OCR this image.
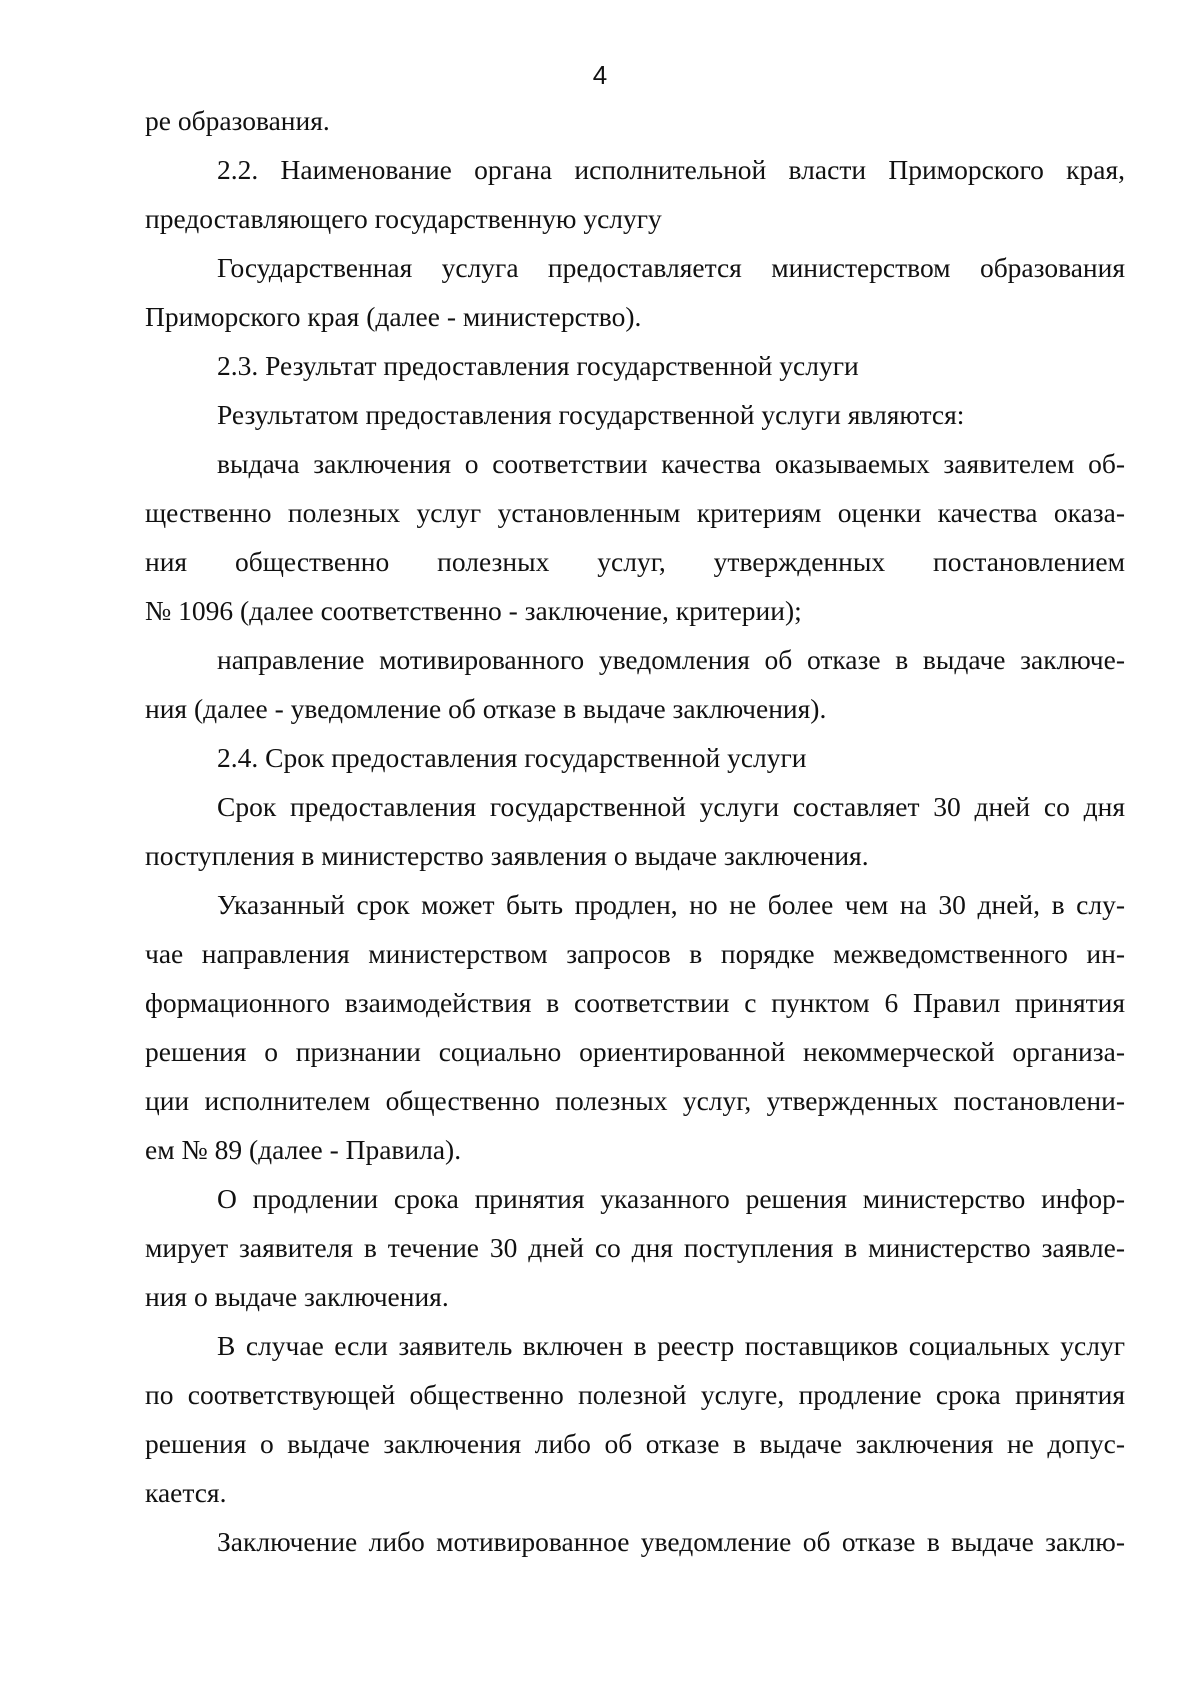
4
ре образования.
2.2. Наименование органа исполнительной власти Приморского края,
предоставляющего государственную услугу
Государственная услуга предоставляется министерством образования
Приморского края (далее - министерство).
2.3. Результат предоставления государственной услуги
Результатом предоставления государственной услуги являются:
выдача заключения о соответствии качества оказываемых заявителем об-
щественно полезных услуг установленным критериям оценки качества оказа-
ния общественно полезных услуг, утвержденных постановлением
№ 1096 (далее соответственно - заключение, критерии);
направление мотивированного уведомления об отказе в выдаче заключе-
ния (далее - уведомление об отказе в выдаче заключения).
2.4. Срок предоставления государственной услуги
Срок предоставления государственной услуги составляет 30 дней со дня
поступления в министерство заявления о выдаче заключения.
Указанный срок может быть продлен, но не более чем на 30 дней, в слу-
чае направления министерством запросов в порядке межведомственного ин-
формационного взаимодействия в соответствии с пунктом 6 Правил принятия
решения о признании социально ориентированной некоммерческой организа-
ции исполнителем общественно полезных услуг, утвержденных постановлени-
ем № 89 (далее - Правила).
О продлении срока принятия указанного решения министерство инфор-
мирует заявителя в течение 30 дней со дня поступления в министерство заявле-
ния о выдаче заключения.
В случае если заявитель включен в реестр поставщиков социальных услуг
по соответствующей общественно полезной услуге, продление срока принятия
решения о выдаче заключения либо об отказе в выдаче заключения не допус-
кается.
Заключение либо мотивированное уведомление об отказе в выдаче заклю-
